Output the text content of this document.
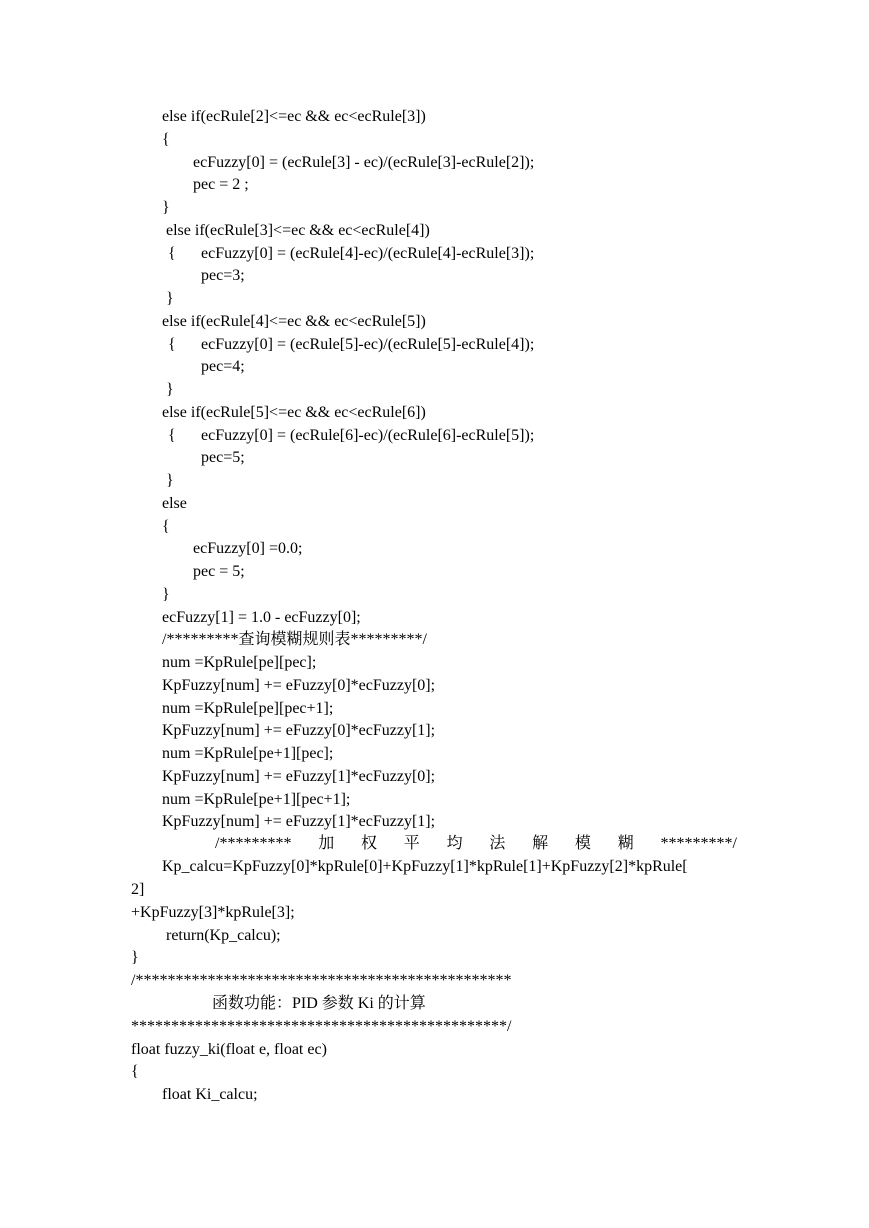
else if(ecRule[2]<=ec && ec<ecRule[3])
{
ecFuzzy[0] = (ecRule[3] - ec)/(ecRule[3]-ecRule[2]);
pec = 2 ;
}
else if(ecRule[3]<=ec && ec<ecRule[4])
{ ecFuzzy[0] = (ecRule[4]-ec)/(ecRule[4]-ecRule[3]);
pec=3;
}
else if(ecRule[4]<=ec && ec<ecRule[5])
{ ecFuzzy[0] = (ecRule[5]-ec)/(ecRule[5]-ecRule[4]);
pec=4;
}
else if(ecRule[5]<=ec && ec<ecRule[6])
{ ecFuzzy[0] = (ecRule[6]-ec)/(ecRule[6]-ecRule[5]);
pec=5;
}
else
{
ecFuzzy[0] =0.0;
pec = 5;
}
ecFuzzy[1] = 1.0 - ecFuzzy[0];
/*********查询模糊规则表*********/
num =KpRule[pe][pec];
KpFuzzy[num] += eFuzzy[0]*ecFuzzy[0];
num =KpRule[pe][pec+1];
KpFuzzy[num] += eFuzzy[0]*ecFuzzy[1];
num =KpRule[pe+1][pec];
KpFuzzy[num] += eFuzzy[1]*ecFuzzy[0];
num =KpRule[pe+1][pec+1];
KpFuzzy[num] += eFuzzy[1]*ecFuzzy[1];
/********* 加 权 平 均 法 解 模 糊 *********/
Kp_calcu=KpFuzzy[0]*kpRule[0]+KpFuzzy[1]*kpRule[1]+KpFuzzy[2]*kpRule[
2]
+KpFuzzy[3]*kpRule[3];
return(Kp_calcu);
}
/***********************************************
函数功能：PID 参数 Ki 的计算
***********************************************/
float fuzzy_ki(float e, float ec)
{
float Ki_calcu;
